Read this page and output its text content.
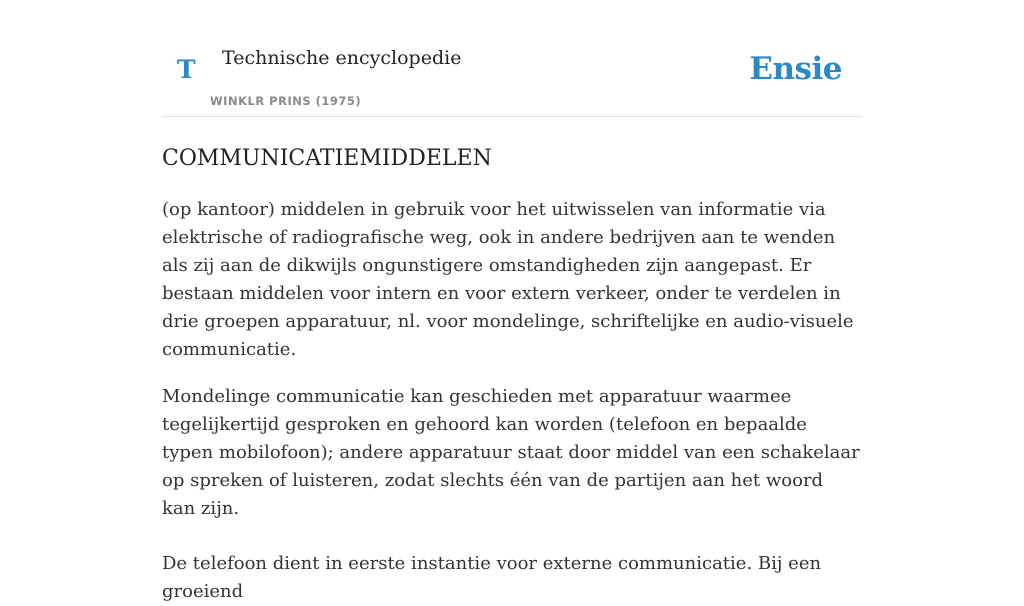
T Technische encyclopedie
WINKLR PRINS (1975)
Ensie
COMMUNICATIEMIDDELEN

(op kantoor) middelen in gebruik voor het uitwisselen van informatie via elektrische of radiografische weg, ook in andere bedrijven aan te wenden als zij aan de dikwijls ongunstigere omstandigheden zijn aangepast. Er bestaan middelen voor intern en voor extern verkeer, onder te verdelen in drie groepen apparatuur, nl. voor mondelinge, schriftelijke en audio-visuele communicatie.

Mondelinge communicatie kan geschieden met apparatuur waarmee tegelijkertijd gesproken en gehoord kan worden (telefoon en bepaalde typen mobilofoon); andere apparatuur staat door middel van een schakelaar op spreken of luisteren, zodat slechts één van de partijen aan het woord kan zijn.

De telefoon dient in eerste instantie voor externe communicatie. Bij een groeiend
